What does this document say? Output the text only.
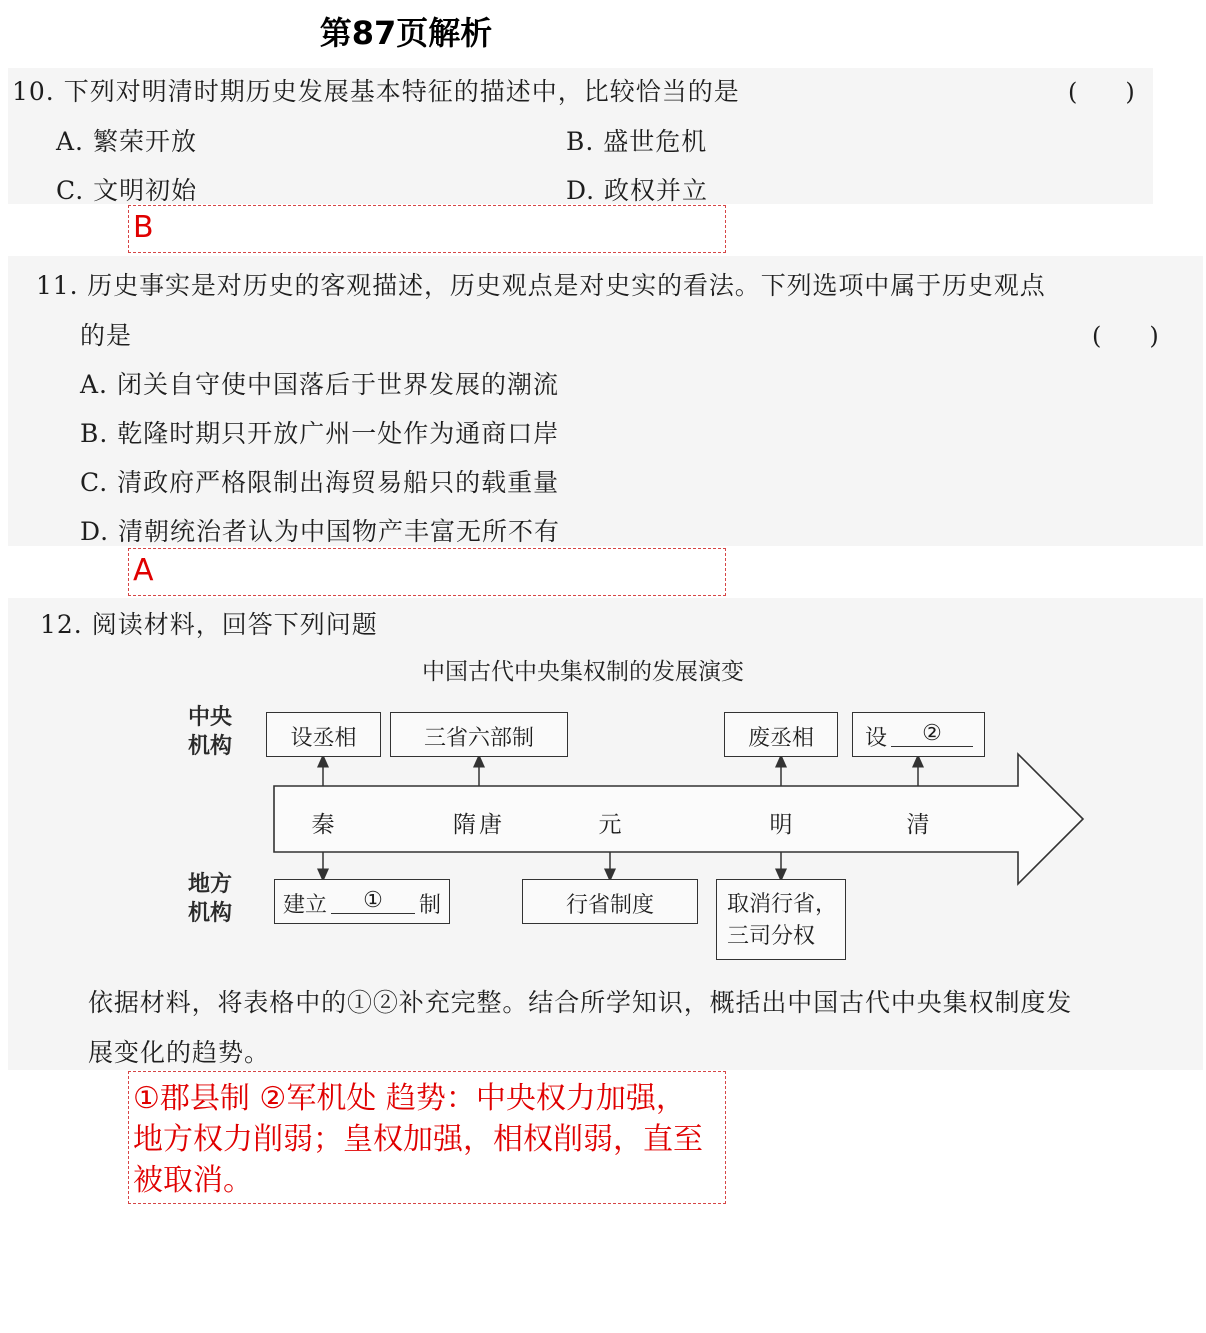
第87页解析
10. 下列对明清时期历史发展基本特征的描述中，比较恰当的是	(　　)
A. 繁荣开放	B. 盛世危机
C. 文明初始	D. 政权并立
B
11. 历史事实是对历史的客观描述，历史观点是对史实的看法。下列选项中属于历史观点
的是	(　　)
A. 闭关自守使中国落后于世界发展的潮流
B. 乾隆时期只开放广州一处作为通商口岸
C. 清政府严格限制出海贸易船只的载重量
D. 清朝统治者认为中国物产丰富无所不有
A
12. 阅读材料，回答下列问题
中国古代中央集权制的发展演变
中央
机构
地方
机构
设丞相	三省六部制	废丞相	设	②
秦	隋唐	元	明	清
建立	①	制	行省制度	取消行省，
三司分权
依据材料，将表格中的①②补充完整。结合所学知识，概括出中国古代中央集权制度发
展变化的趋势。
①郡县制 ②军机处 趋势：中央权力加强，地方权力削弱；皇权加强，相权削弱，直至被取消。
